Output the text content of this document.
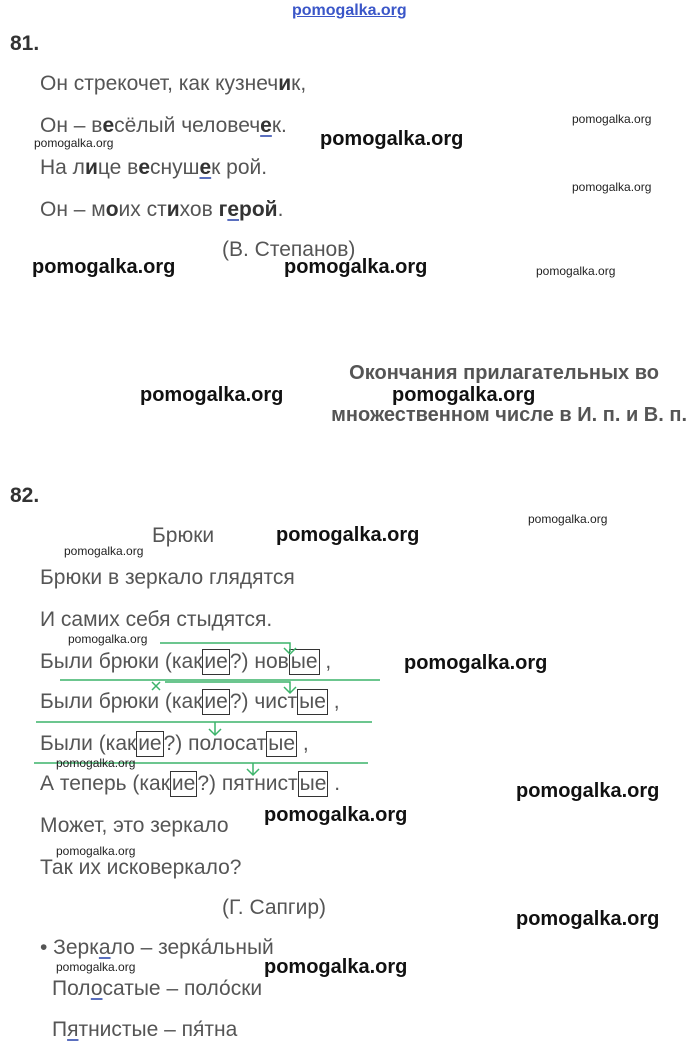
pomogalka.org
81.
Он стрекочет, как кузнечик,
Он – весёлый человечек.
На лице веснушек рой.
Он – моих стихов герой.
(В. Степанов)
Окончания прилагательных во
множественном числе в И. п. и В. п.
82.
Брюки
Брюки в зеркало глядятся
И самих себя стыдятся.
Были брюки (какие?) новые ,
Были брюки (какие?) чистые ,
Были (какие?) полосатые ,
А теперь (какие?) пятнистые .
Может, это зеркало
Так их исковеркало?
(Г. Сапгир)
• Зеркало – зерка́льный
Полосатые – поло́ски
Пятнистые – пя́тна
pomogalka.org
pomogalka.org
pomogalka.org
pomogalka.org
pomogalka.org	pomogalka.org	pomogalka.org
pomogalka.org	pomogalka.org
pomogalka.org
pomogalka.org
pomogalka.org
pomogalka.org
pomogalka.org
pomogalka.org
pomogalka.org
pomogalka.org
pomogalka.org
pomogalka.org
pomogalka.org	pomogalka.org
